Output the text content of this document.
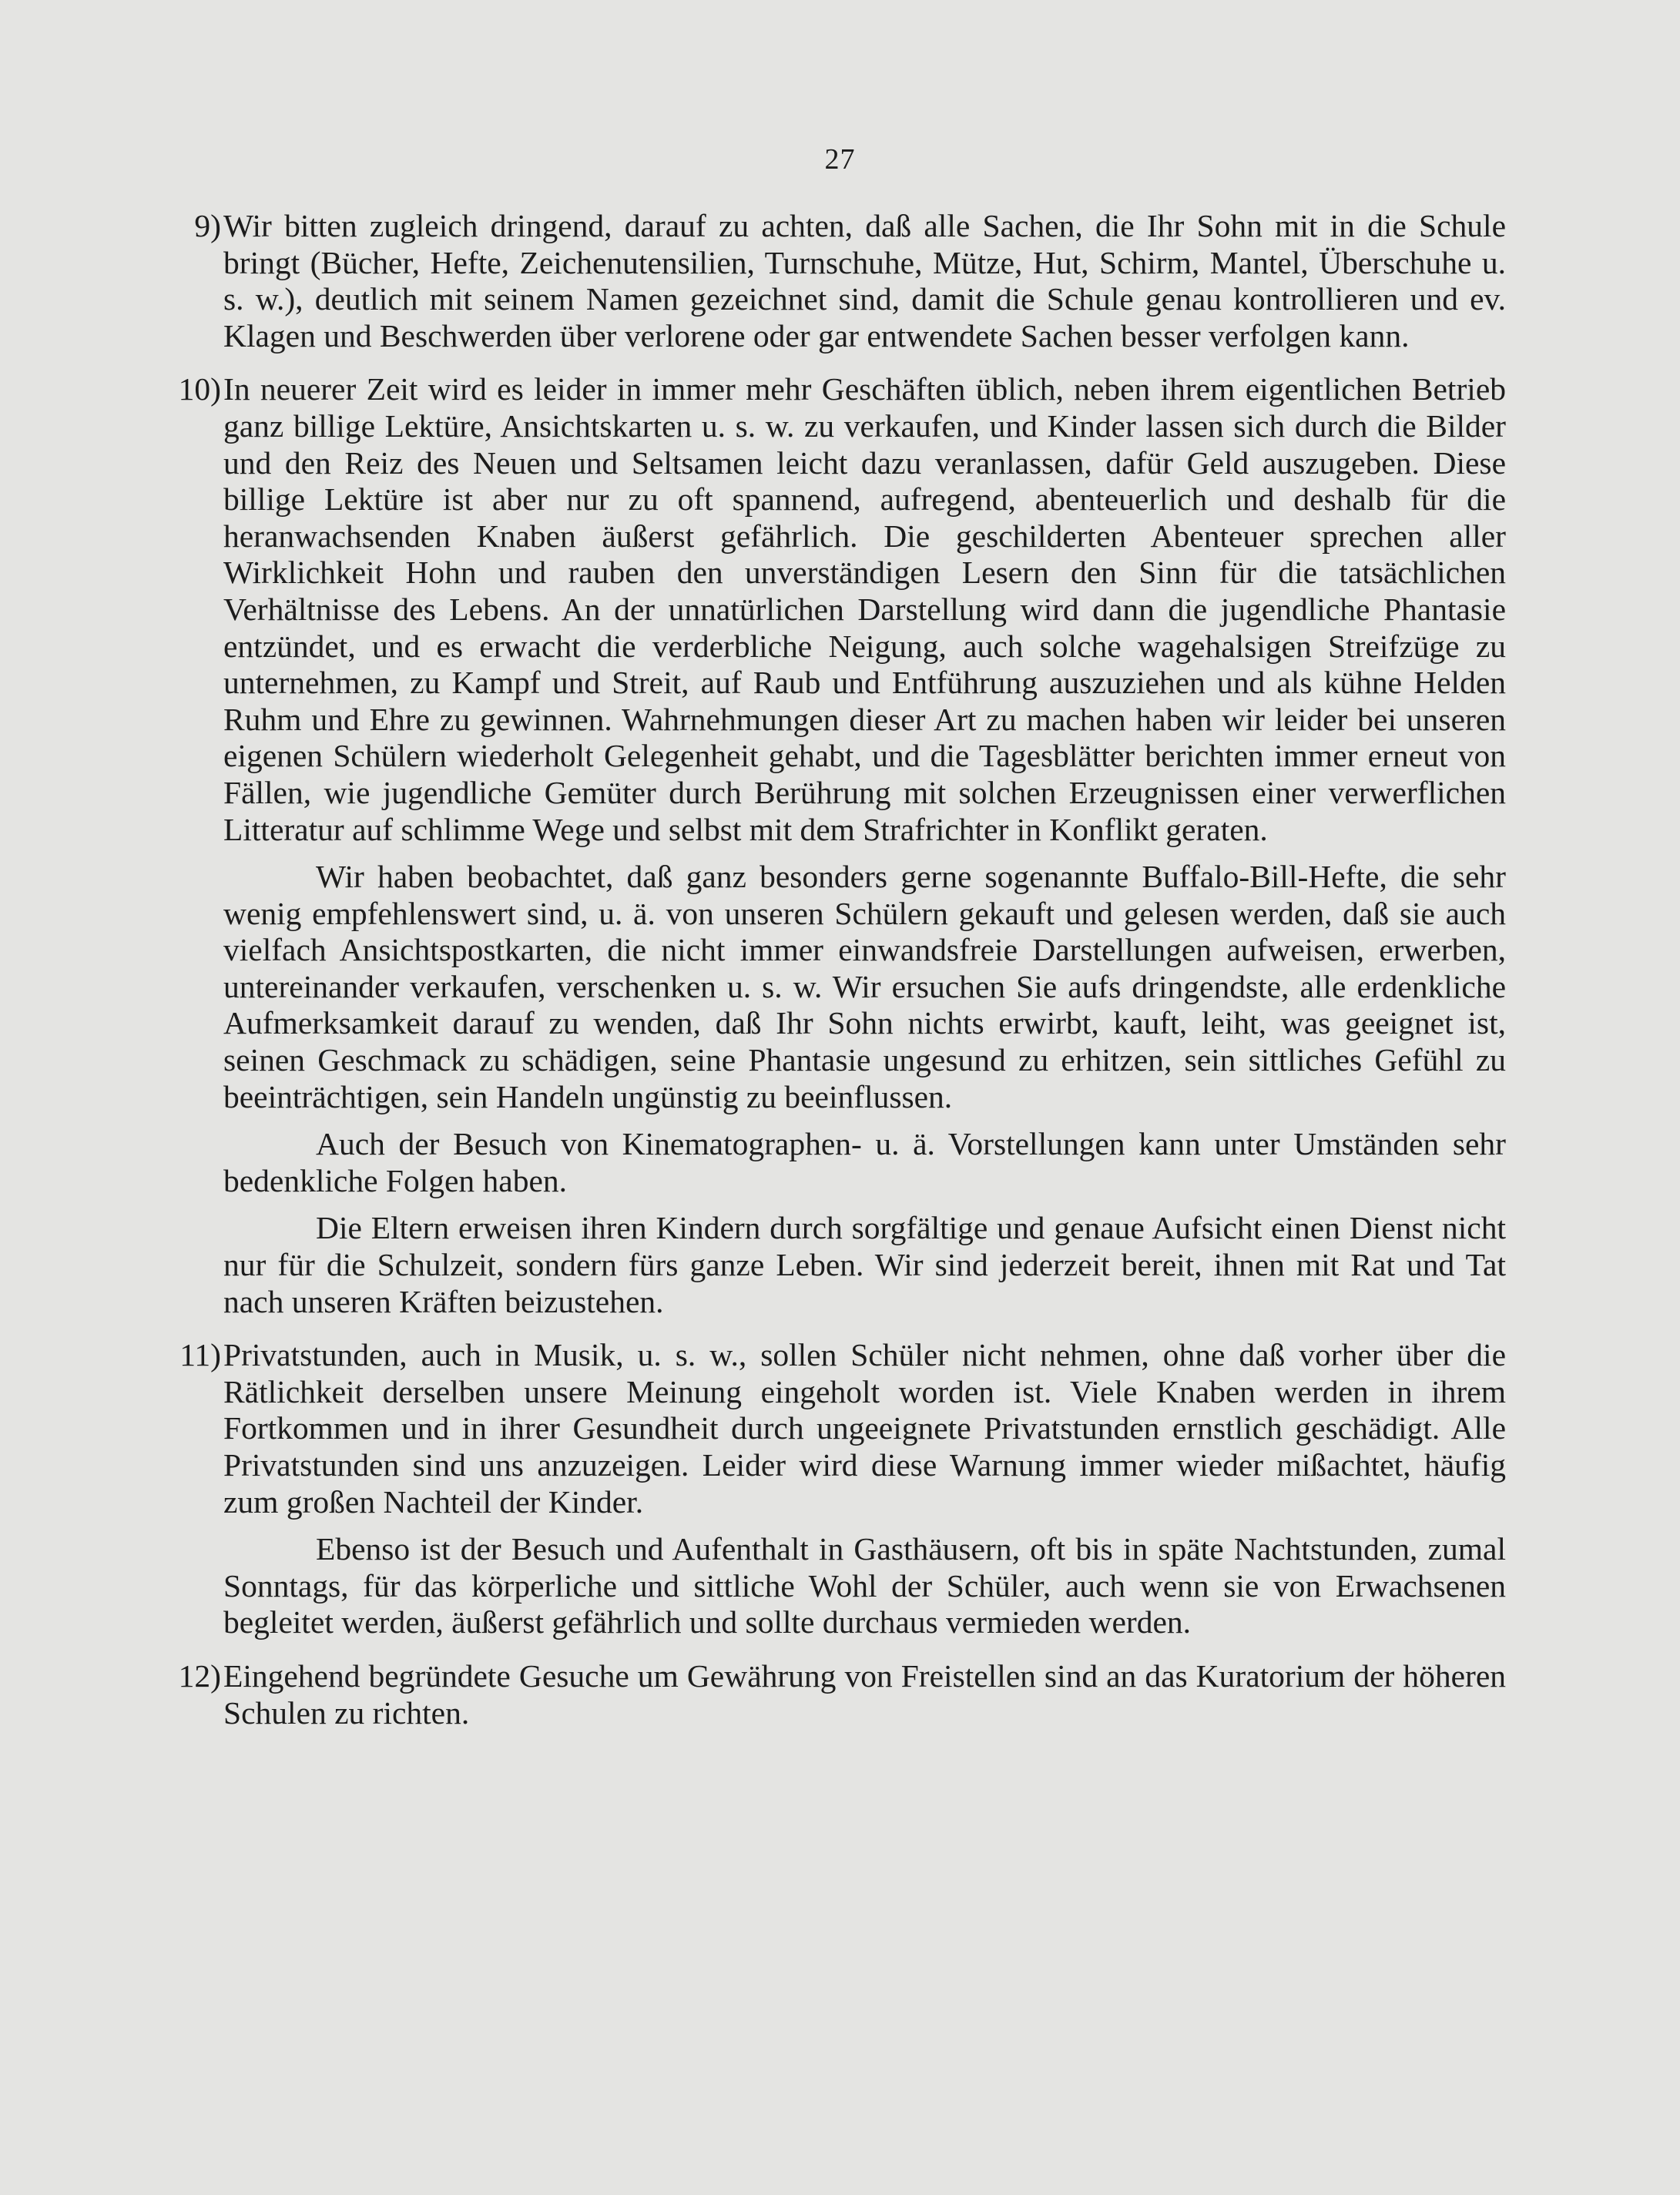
27
9) Wir bitten zugleich dringend, darauf zu achten, daß alle Sachen, die Ihr Sohn mit in die Schule bringt (Bücher, Hefte, Zeichenutensilien, Turnschuhe, Mütze, Hut, Schirm, Mantel, Überschuhe u. s. w.), deutlich mit seinem Namen gezeichnet sind, damit die Schule genau kontrollieren und ev. Klagen und Beschwerden über verlorene oder gar entwendete Sachen besser verfolgen kann.

10) In neuerer Zeit wird es leider in immer mehr Geschäften üblich, neben ihrem eigentlichen Betrieb ganz billige Lektüre, Ansichtskarten u. s. w. zu verkaufen, und Kinder lassen sich durch die Bilder und den Reiz des Neuen und Seltsamen leicht dazu veranlassen, dafür Geld auszugeben. Diese billige Lektüre ist aber nur zu oft spannend, aufregend, abenteuerlich und deshalb für die heranwachsenden Knaben äußerst gefährlich. Die geschilderten Abenteuer sprechen aller Wirklichkeit Hohn und rauben den unverständigen Lesern den Sinn für die tatsächlichen Verhältnisse des Lebens. An der unnatürlichen Darstellung wird dann die jugendliche Phantasie entzündet, und es erwacht die verderbliche Neigung, auch solche wagehalsigen Streifzüge zu unternehmen, zu Kampf und Streit, auf Raub und Entführung auszuziehen und als kühne Helden Ruhm und Ehre zu gewinnen. Wahrnehmungen dieser Art zu machen haben wir leider bei unseren eigenen Schülern wiederholt Gelegenheit gehabt, und die Tagesblätter berichten immer erneut von Fällen, wie jugendliche Gemüter durch Berührung mit solchen Erzeugnissen einer verwerflichen Litteratur auf schlimme Wege und selbst mit dem Strafrichter in Konflikt geraten.

Wir haben beobachtet, daß ganz besonders gerne sogenannte Buffalo-Bill-Hefte, die sehr wenig empfehlenswert sind, u. ä. von unseren Schülern gekauft und gelesen werden, daß sie auch vielfach Ansichtspostkarten, die nicht immer einwandsfreie Darstellungen aufweisen, erwerben, untereinander verkaufen, verschenken u. s. w. Wir ersuchen Sie aufs dringendste, alle erdenkliche Aufmerksamkeit darauf zu wenden, daß Ihr Sohn nichts erwirbt, kauft, leiht, was geeignet ist, seinen Geschmack zu schädigen, seine Phantasie ungesund zu erhitzen, sein sittliches Gefühl zu beeinträchtigen, sein Handeln ungünstig zu beeinflussen.

Auch der Besuch von Kinematographen- u. ä. Vorstellungen kann unter Umständen sehr bedenkliche Folgen haben.

Die Eltern erweisen ihren Kindern durch sorgfältige und genaue Aufsicht einen Dienst nicht nur für die Schulzeit, sondern fürs ganze Leben. Wir sind jederzeit bereit, ihnen mit Rat und Tat nach unseren Kräften beizustehen.

11) Privatstunden, auch in Musik, u. s. w., sollen Schüler nicht nehmen, ohne daß vorher über die Rätlichkeit derselben unsere Meinung eingeholt worden ist. Viele Knaben werden in ihrem Fortkommen und in ihrer Gesundheit durch ungeeignete Privatstunden ernstlich geschädigt. Alle Privatstunden sind uns anzuzeigen. Leider wird diese Warnung immer wieder mißachtet, häufig zum großen Nachteil der Kinder.

Ebenso ist der Besuch und Aufenthalt in Gasthäusern, oft bis in späte Nachtstunden, zumal Sonntags, für das körperliche und sittliche Wohl der Schüler, auch wenn sie von Erwachsenen begleitet werden, äußerst gefährlich und sollte durchaus vermieden werden.

12) Eingehend begründete Gesuche um Gewährung von Freistellen sind an das Kuratorium der höheren Schulen zu richten.
